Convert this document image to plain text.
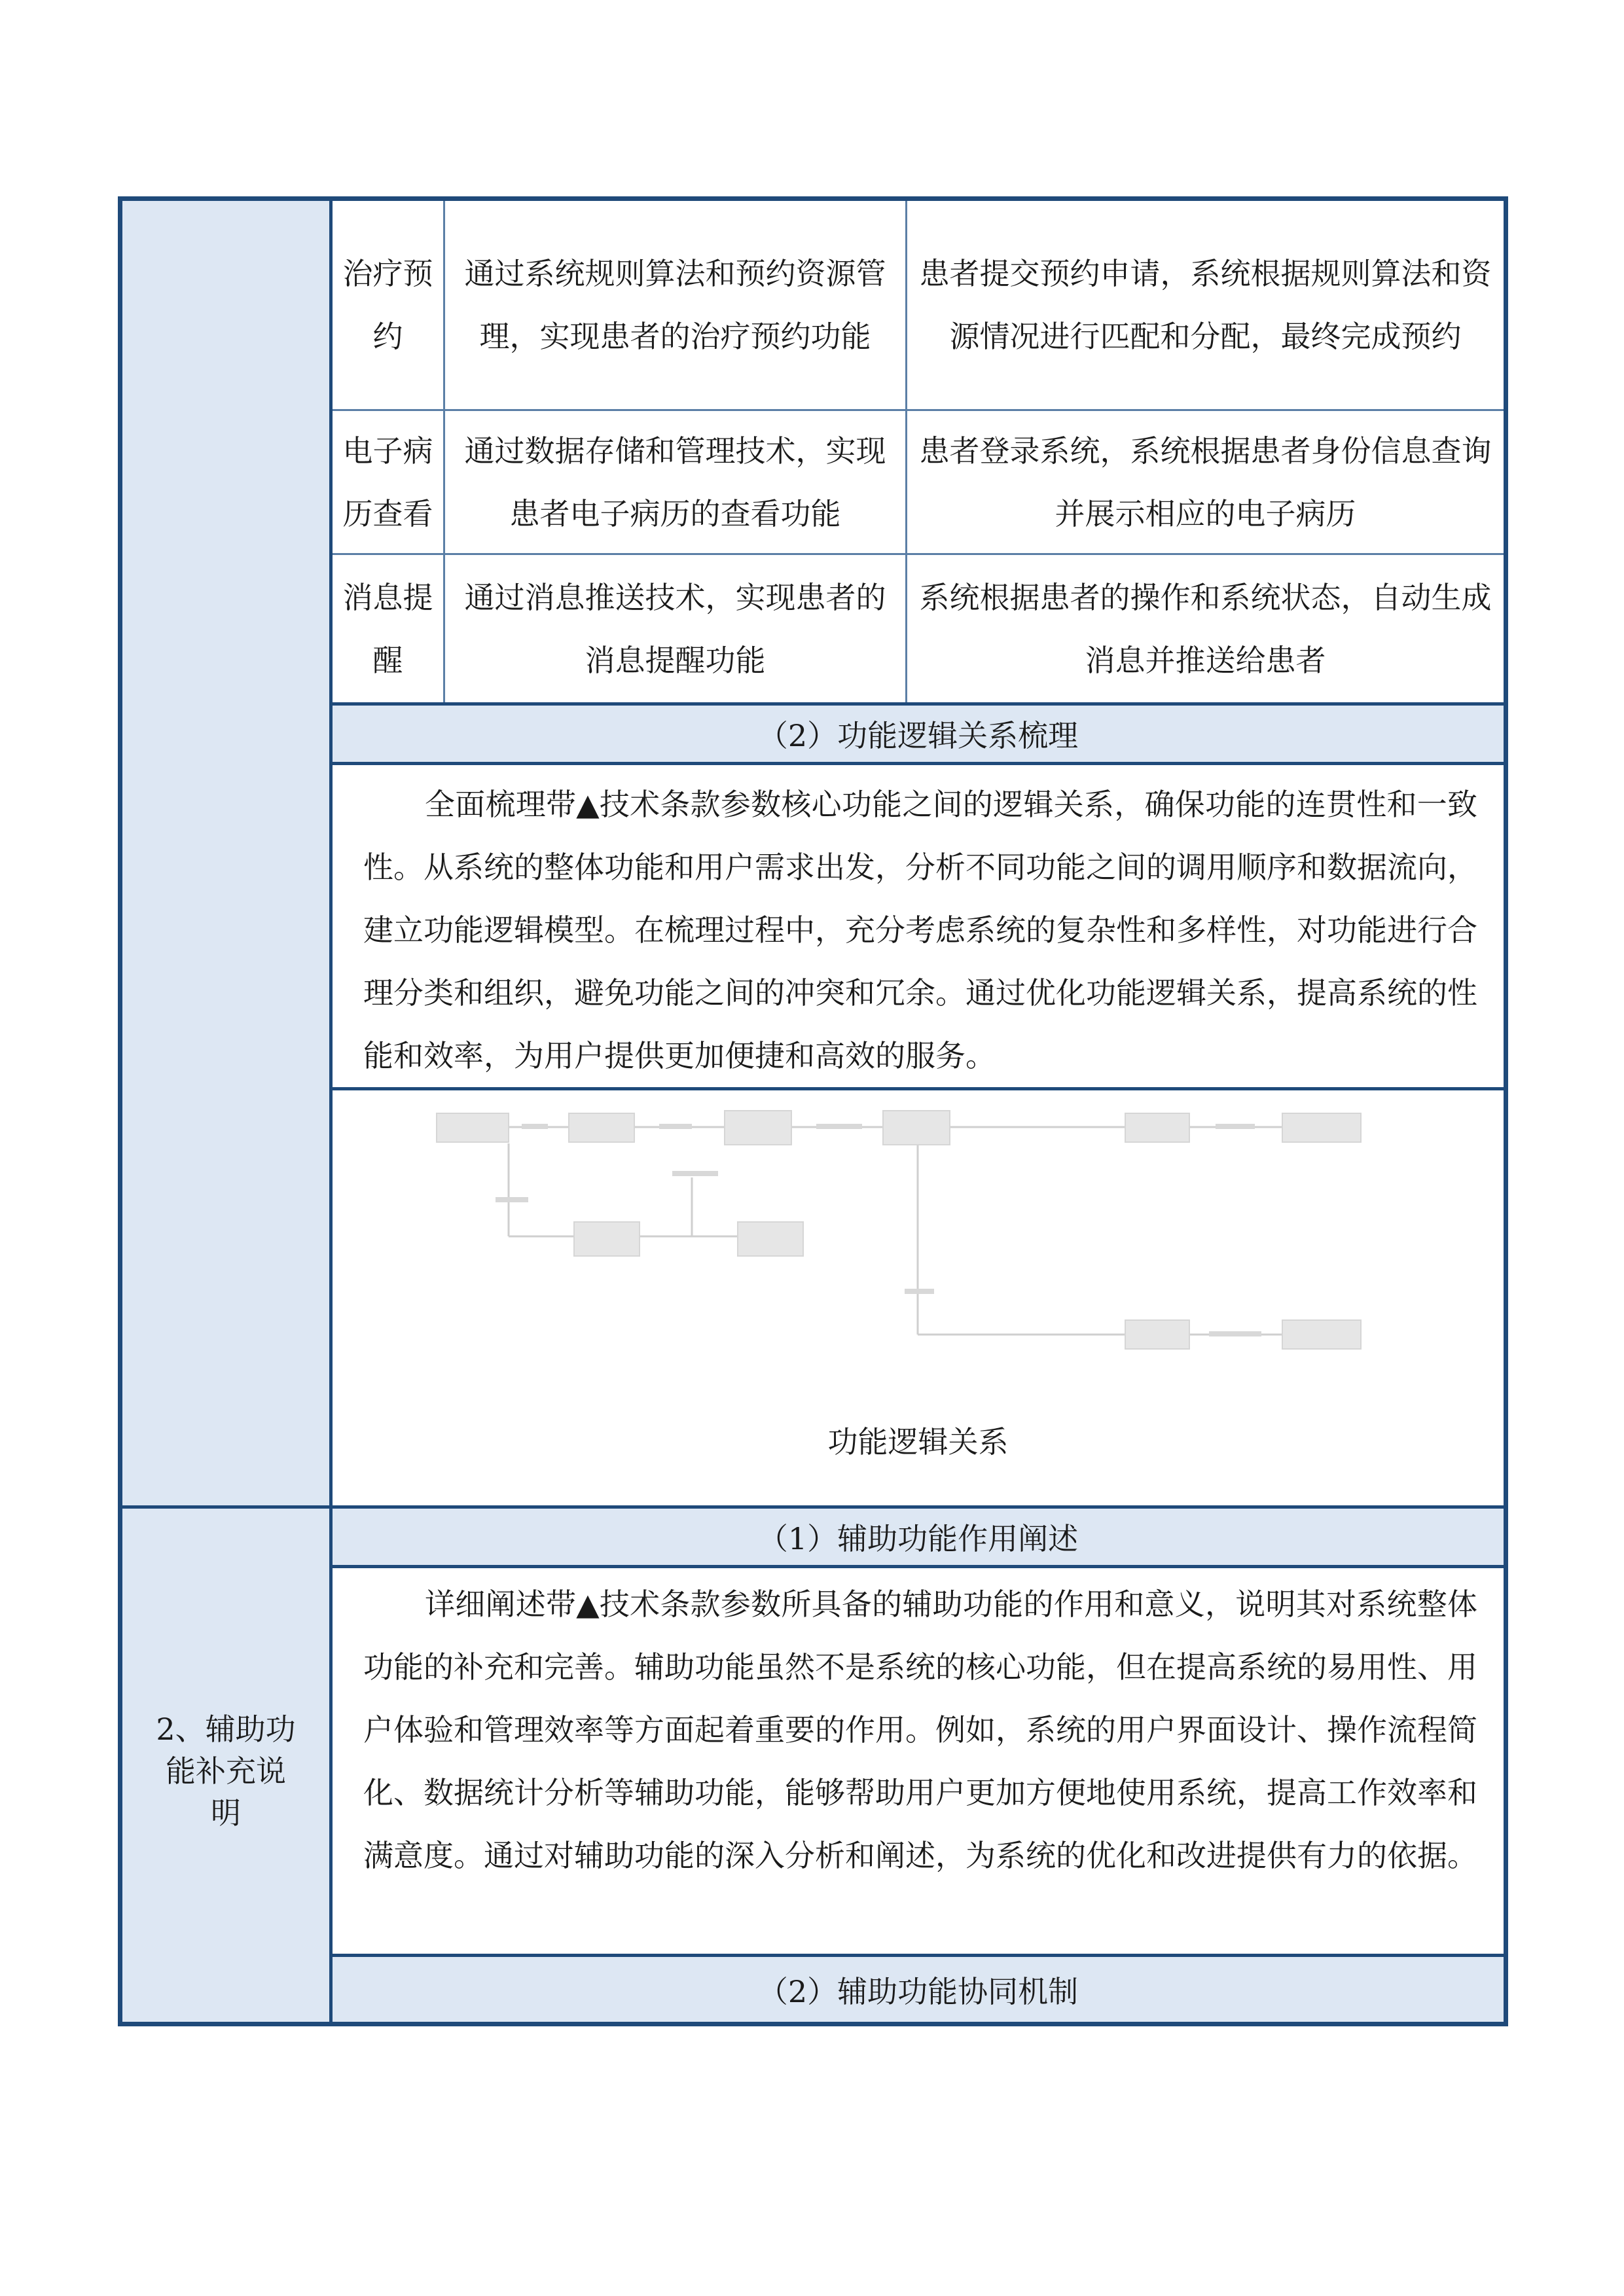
治疗预
约
通过系统规则算法和预约资源管理，实现患者的治疗预约功能
患者提交预约申请，系统根据规则算法和资源情况进行匹配和分配，最终完成预约
电子病
历查看
通过数据存储和管理技术，实现患者电子病历的查看功能
患者登录系统，系统根据患者身份信息查询并展示相应的电子病历
消息提
醒
通过消息推送技术，实现患者的消息提醒功能
系统根据患者的操作和系统状态，自动生成消息并推送给患者
（2）功能逻辑关系梳理
全面梳理带▲技术条款参数核心功能之间的逻辑关系，确保功能的连贯性和一致性。从系统的整体功能和用户需求出发，分析不同功能之间的调用顺序和数据流向，建立功能逻辑模型。在梳理过程中，充分考虑系统的复杂性和多样性，对功能进行合理分类和组织，避免功能之间的冲突和冗余。通过优化功能逻辑关系，提高系统的性能和效率，为用户提供更加便捷和高效的服务。
功能逻辑关系
2、辅助功
能补充说
明
（1）辅助功能作用阐述
详细阐述带▲技术条款参数所具备的辅助功能的作用和意义，说明其对系统整体功能的补充和完善。辅助功能虽然不是系统的核心功能，但在提高系统的易用性、用户体验和管理效率等方面起着重要的作用。例如，系统的用户界面设计、操作流程简化、数据统计分析等辅助功能，能够帮助用户更加方便地使用系统，提高工作效率和满意度。通过对辅助功能的深入分析和阐述，为系统的优化和改进提供有力的依据。
（2）辅助功能协同机制
